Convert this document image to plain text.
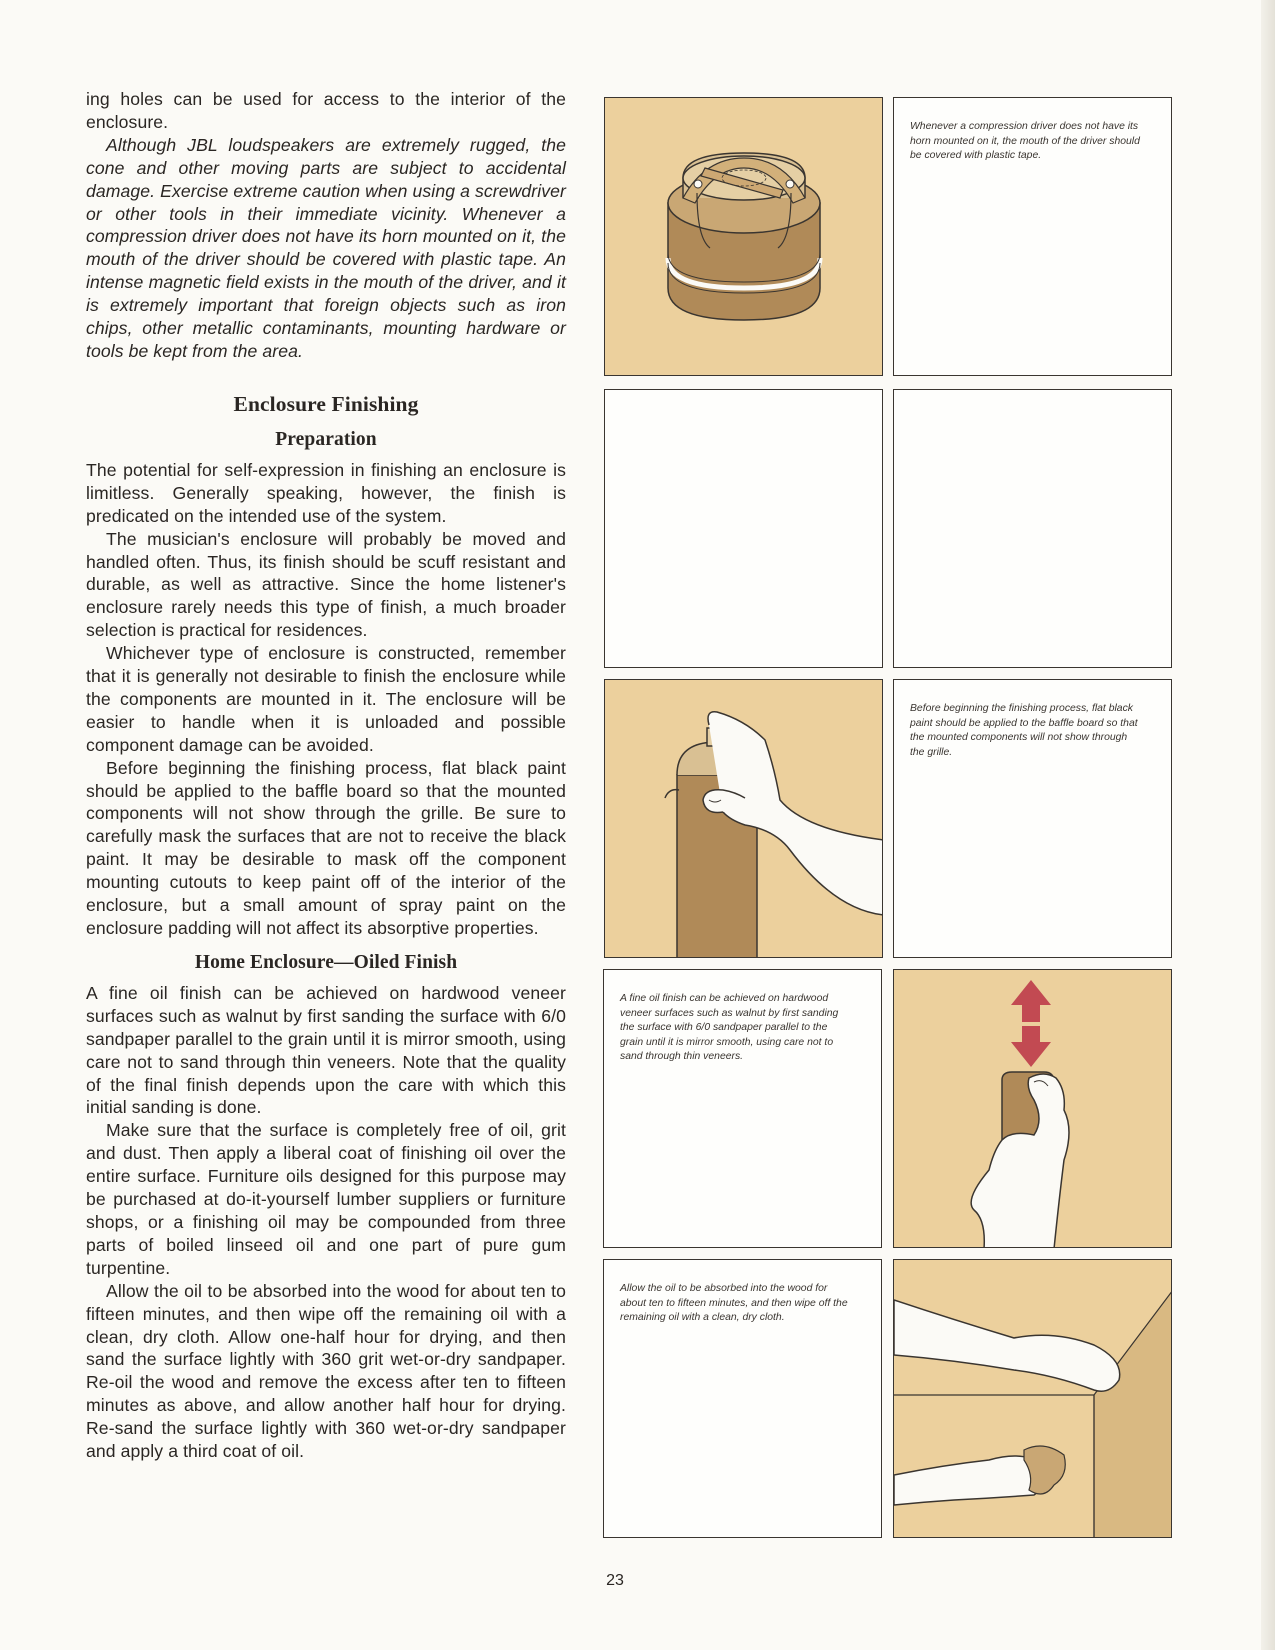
ing holes can be used for access to the interior of the enclosure.

Although JBL loudspeakers are extremely rugged, the cone and other moving parts are subject to accidental damage. Exercise extreme caution when using a screwdriver or other tools in their immediate vicinity. Whenever a compression driver does not have its horn mounted on it, the mouth of the driver should be covered with plastic tape. An intense magnetic field exists in the mouth of the driver, and it is extremely important that foreign objects such as iron chips, other metallic contaminants, mounting hardware or tools be kept from the area.

Enclosure Finishing
Preparation

The potential for self-expression in finishing an enclosure is limitless. Generally speaking, however, the finish is predicated on the intended use of the system.

The musician's enclosure will probably be moved and handled often. Thus, its finish should be scuff resistant and durable, as well as attractive. Since the home listener's enclosure rarely needs this type of finish, a much broader selection is practical for residences.

Whichever type of enclosure is constructed, remember that it is generally not desirable to finish the enclosure while the components are mounted in it. The enclosure will be easier to handle when it is unloaded and possible component damage can be avoided.

Before beginning the finishing process, flat black paint should be applied to the baffle board so that the mounted components will not show through the grille. Be sure to carefully mask the surfaces that are not to receive the black paint. It may be desirable to mask off the component mounting cutouts to keep paint off of the interior of the enclosure, but a small amount of spray paint on the enclosure padding will not affect its absorptive properties.

Home Enclosure—Oiled Finish

A fine oil finish can be achieved on hardwood veneer surfaces such as walnut by first sanding the surface with 6/0 sandpaper parallel to the grain until it is mirror smooth, using care not to sand through thin veneers. Note that the quality of the final finish depends upon the care with which this initial sanding is done.

Make sure that the surface is completely free of oil, grit and dust. Then apply a liberal coat of finishing oil over the entire surface. Furniture oils designed for this purpose may be purchased at do-it-yourself lumber suppliers or furniture shops, or a finishing oil may be compounded from three parts of boiled linseed oil and one part of pure gum turpentine.

Allow the oil to be absorbed into the wood for about ten to fifteen minutes, and then wipe off the remaining oil with a clean, dry cloth. Allow one-half hour for drying, and then sand the surface lightly with 360 grit wet-or-dry sandpaper. Re-oil the wood and remove the excess after ten to fifteen minutes as above, and allow another half hour for drying. Re-sand the surface lightly with 360 wet-or-dry sandpaper and apply a third coat of oil.

Whenever a compression driver does not have its horn mounted on it, the mouth of the driver should be covered with plastic tape.
Before beginning the finishing process, flat black paint should be applied to the baffle board so that the mounted components will not show through the grille.
A fine oil finish can be achieved on hardwood veneer surfaces such as walnut by first sanding the surface with 6/0 sandpaper parallel to the grain until it is mirror smooth, using care not to sand through thin veneers.
Allow the oil to be absorbed into the wood for about ten to fifteen minutes, and then wipe off the remaining oil with a clean, dry cloth.
23
